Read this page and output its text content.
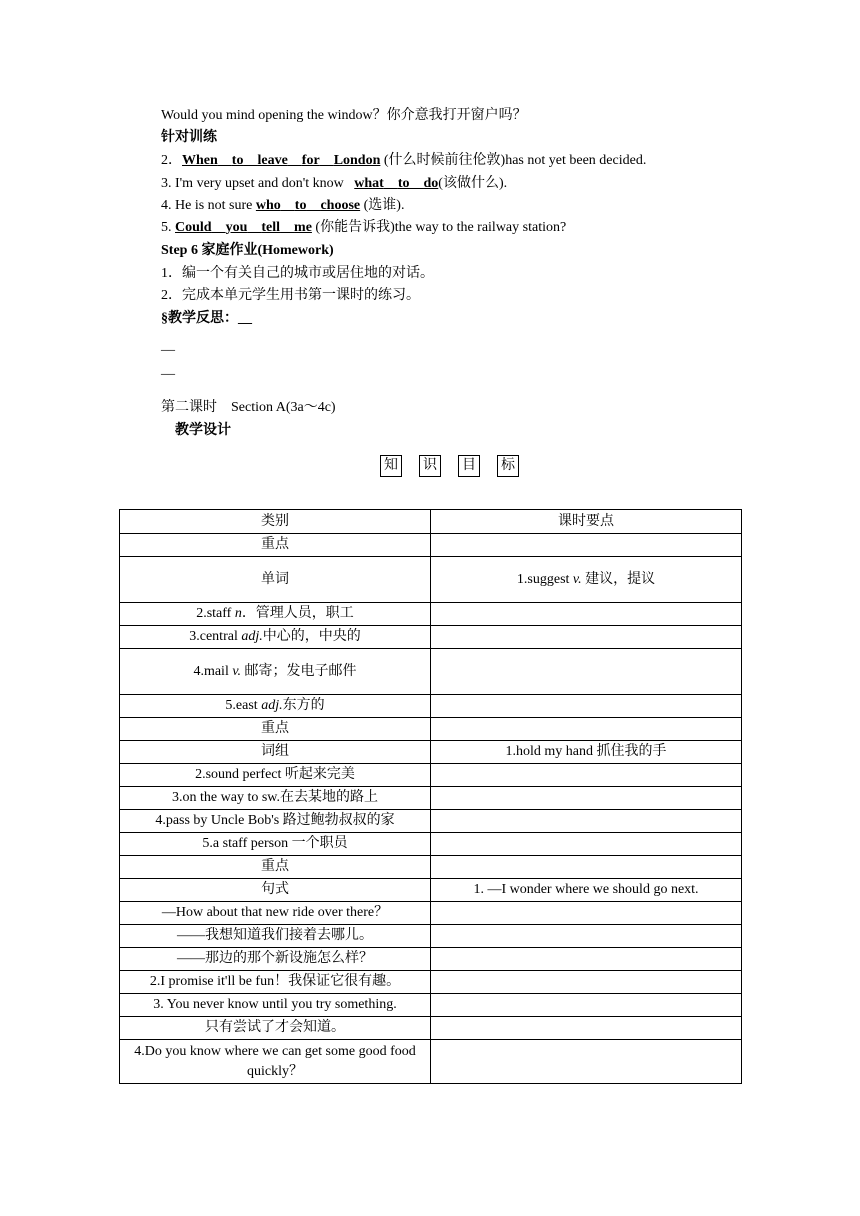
Would you mind opening the window？你介意我打开窗户吗？
针对训练
2．When to leave for London (什么时候前往伦敦)has not yet been decided.
3. I'm very upset and don't know   what to do(该做什么).
4. He is not sure who to choose (选谁).
5. Could you tell me (你能告诉我)the way to the railway station?
Step 6 家庭作业(Homework)
1．编一个有关自己的城市或居住地的对话。
2．完成本单元学生用书第一课时的练习。
§教学反思：__
__
__
第二课时　Section A(3a～4c)
教学设计
知 识 目 标
类别	课时要点
重点	
单词	1.suggest v. 建议，提议
2.staff n．管理人员，职工	
3.central adj.中心的，中央的	
4.mail v. 邮寄；发电子邮件	
5.east adj.东方的	
重点	
词组	1.hold my hand 抓住我的手
2.sound perfect 听起来完美	
3.on the way to sw.在去某地的路上	
4.pass by Uncle Bob's 路过鲍勃叔叔的家	
5.a staff person 一个职员	
重点	
句式	1. —I wonder where we should go next.
—How about that new ride over there？	
——我想知道我们接着去哪儿。	
——那边的那个新设施怎么样？	
2.I promise it'll be fun！我保证它很有趣。	
3. You never know until you try something.	
只有尝试了才会知道。	
4.Do you know where we can get some good food quickly？	
